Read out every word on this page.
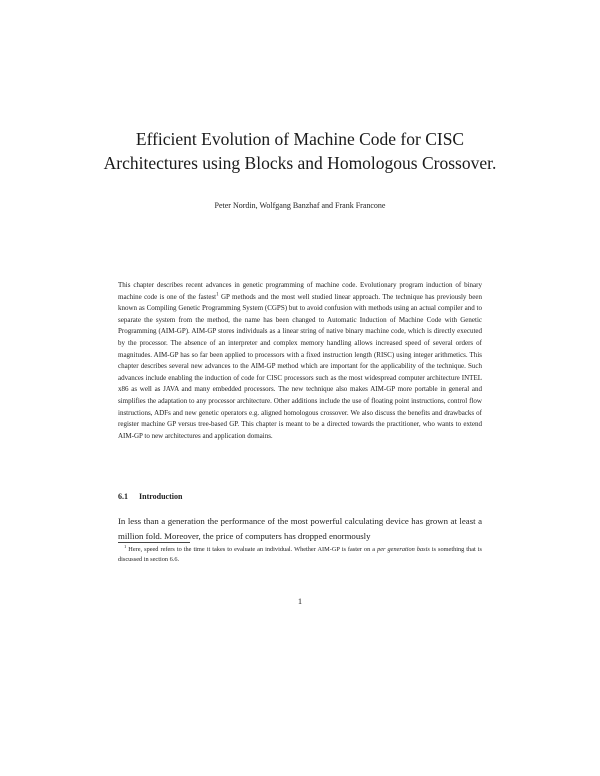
Efficient Evolution of Machine Code for CISC Architectures using Blocks and Homologous Crossover.
Peter Nordin, Wolfgang Banzhaf and Frank Francone
This chapter describes recent advances in genetic programming of machine code. Evolutionary program induction of binary machine code is one of the fastest$^1$ GP methods and the most well studied linear approach. The technique has previously been known as Compiling Genetic Programming System (CGPS) but to avoid confusion with methods using an actual compiler and to separate the system from the method, the name has been changed to Automatic Induction of Machine Code with Genetic Programming (AIM-GP). AIM-GP stores individuals as a linear string of native binary machine code, which is directly executed by the processor. The absence of an interpreter and complex memory handling allows increased speed of several orders of magnitudes. AIM-GP has so far been applied to processors with a fixed instruction length (RISC) using integer arithmetics. This chapter describes several new advances to the AIM-GP method which are important for the applicability of the technique. Such advances include enabling the induction of code for CISC processors such as the most widespread computer architecture INTEL x86 as well as JAVA and many embedded processors. The new technique also makes AIM-GP more portable in general and simplifies the adaptation to any processor architecture. Other additions include the use of floating point instructions, control flow instructions, ADFs and new genetic operators e.g. aligned homologous crossover. We also discuss the benefits and drawbacks of register machine GP versus tree-based GP. This chapter is meant to be a directed towards the practitioner, who wants to extend AIM-GP to new architectures and application domains.
6.1 Introduction
In less than a generation the performance of the most powerful calculating device has grown at least a million fold. Moreover, the price of computers has dropped enormously
$^1$ Here, speed refers to the time it takes to evaluate an individual. Whether AIM-GP is faster on a per generation basis is something that is discussed in section 6.6.
1
